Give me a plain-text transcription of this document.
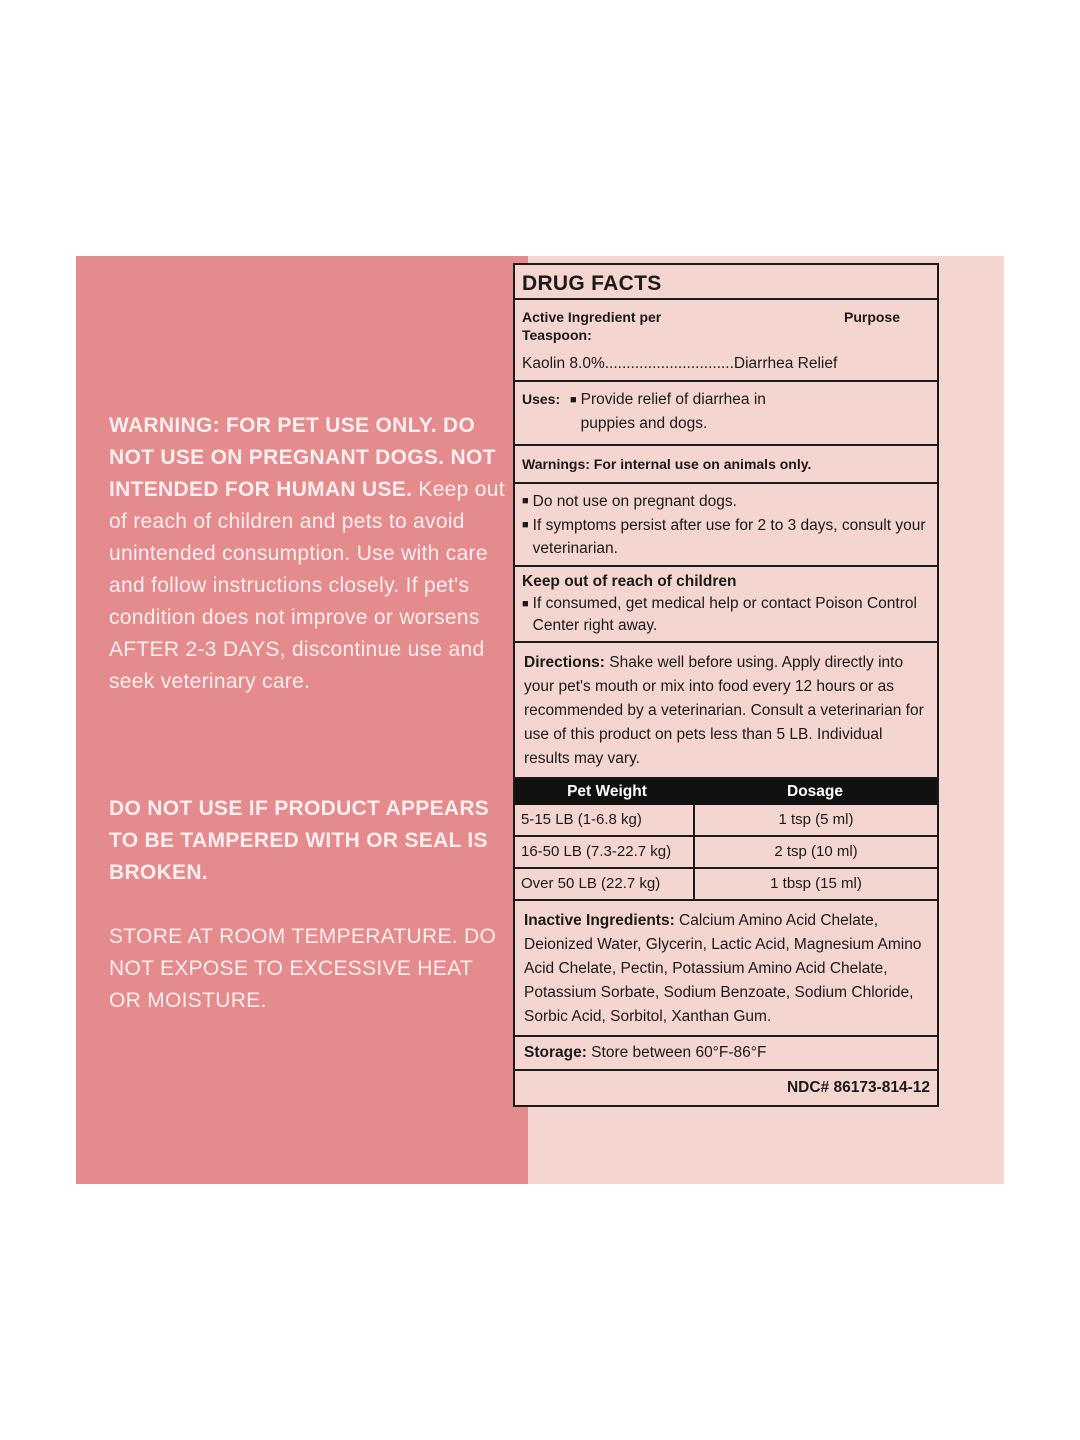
WARNING: FOR PET USE ONLY. DO NOT USE ON PREGNANT DOGS. NOT INTENDED FOR HUMAN USE. Keep out of reach of children and pets to avoid unintended consumption. Use with care and follow instructions closely. If pet's condition does not improve or worsens AFTER 2-3 DAYS, discontinue use and seek veterinary care.
DO NOT USE IF PRODUCT APPEARS TO BE TAMPERED WITH OR SEAL IS BROKEN.
STORE AT ROOM TEMPERATURE. DO NOT EXPOSE TO EXCESSIVE HEAT OR MOISTURE.
DRUG FACTS
Active Ingredient per Teaspoon:
Purpose
Kaolin 8.0%..............................Diarrhea Relief
Uses: ■ Provide relief of diarrhea in puppies and dogs.
Warnings: For internal use on animals only.
■ Do not use on pregnant dogs.
■ If symptoms persist after use for 2 to 3 days, consult your veterinarian.
Keep out of reach of children
■ If consumed, get medical help or contact Poison Control Center right away.
Directions: Shake well before using. Apply directly into your pet's mouth or mix into food every 12 hours or as recommended by a veterinarian. Consult a veterinarian for use of this product on pets less than 5 LB. Individual results may vary.
Pet Weight	Dosage
5-15 LB (1-6.8 kg)	1 tsp (5 ml)
16-50 LB (7.3-22.7 kg)	2 tsp (10 ml)
Over 50 LB (22.7 kg)	1 tbsp (15 ml)
Inactive Ingredients: Calcium Amino Acid Chelate, Deionized Water, Glycerin, Lactic Acid, Magnesium Amino Acid Chelate, Pectin, Potassium Amino Acid Chelate, Potassium Sorbate, Sodium Benzoate, Sodium Chloride, Sorbic Acid, Sorbitol, Xanthan Gum.
Storage: Store between 60°F-86°F
NDC# 86173-814-12
